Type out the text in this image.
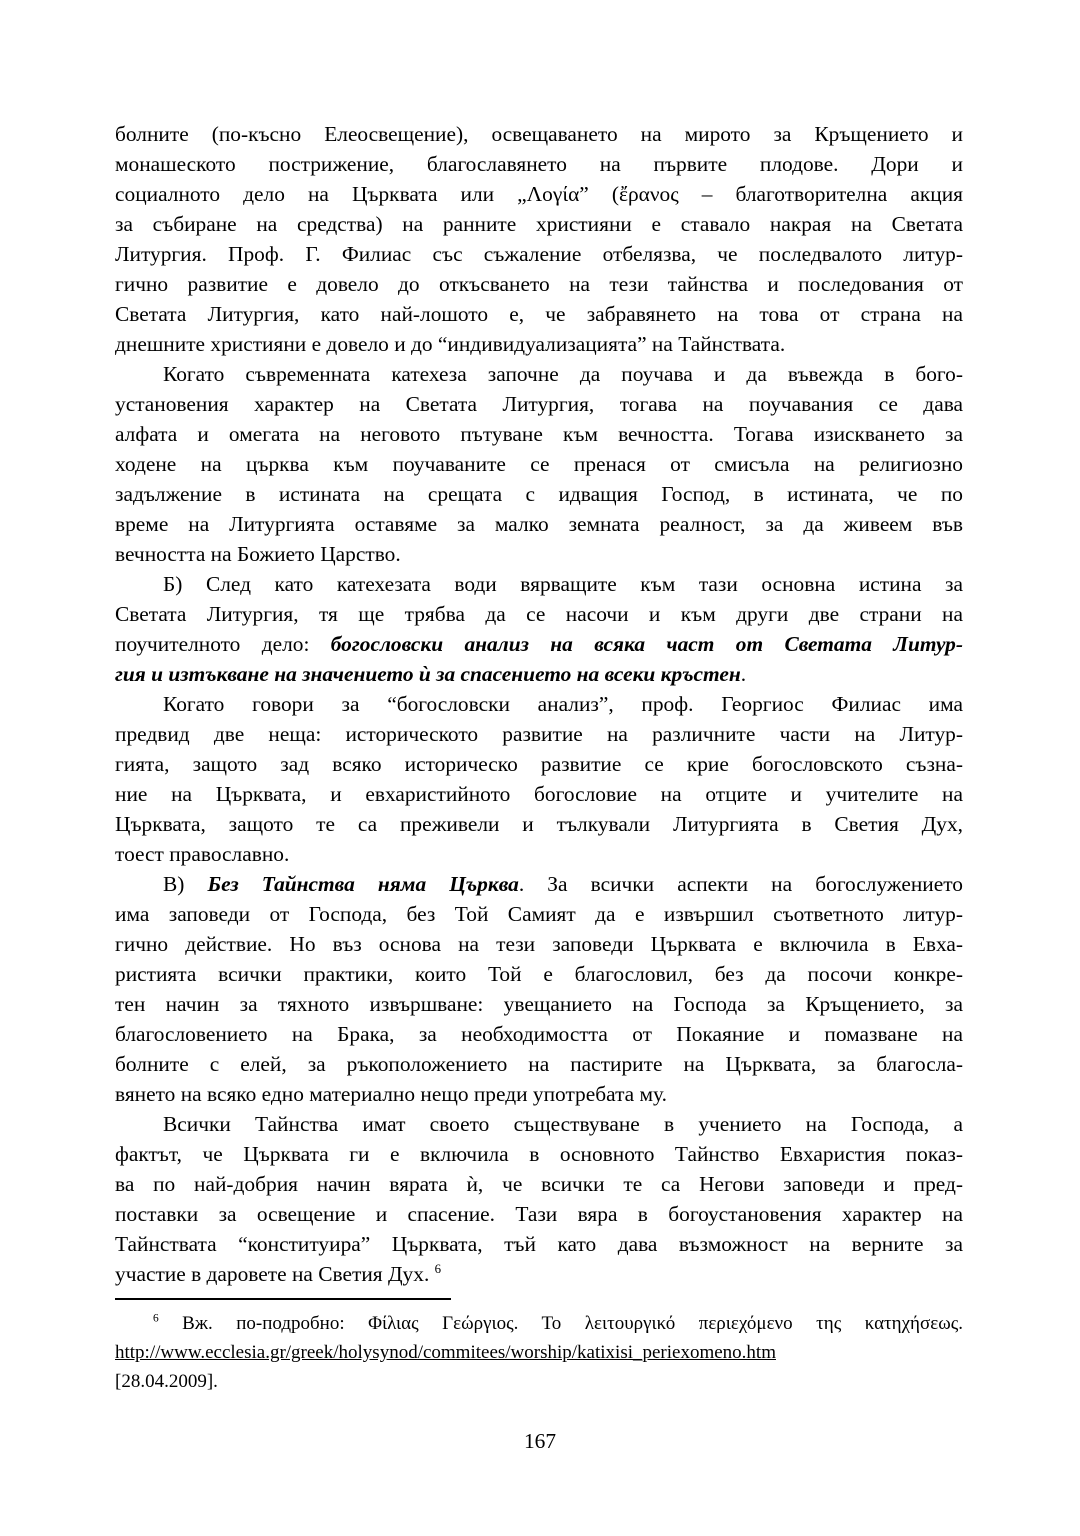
болните (по-късно Елеосвещение), освещаването на мирото за Кръщението и
монашеското пострижение, благославянето на първите плодове. Дори и
социалното дело на Църквата или „Λογία” (ἔρανος – благотворителна акция
за събиране на средства) на ранните християни е ставало накрая на Светата
Литургия. Проф. Г. Филиас със съжаление отбелязва, че последвалото литур-
гично развитие е довело до откъсването на тези тайнства и последования от
Светата Литургия, като най-лошото е, че забравянето на това от страна на
днешните християни е довело и до “индивидуализацията” на Тайнствата.
Когато съвременната катехеза започне да поучава и да въвежда в бого-
установения характер на Светата Литургия, тогава на поучавания се дава
алфата и омегата на неговото пътуване към вечността. Тогава изискването за
ходене на църква към поучаваните се пренася от смисъла на религиозно
задължение в истината на срещата с идващия Господ, в истината, че по
време на Литургията оставяме за малко земната реалност, за да живеем във
вечността на Божието Царство.
Б) След като катехезата води вярващите към тази основна истина за
Светата Литургия, тя ще трябва да се насочи и към други две страни на
поучителното дело: богословски анализ на всяка част от Светата Литур-
гия и изтъкване на значението ѝ за спасението на всеки кръстен.
Когато говори за “богословски анализ”, проф. Георгиос Филиас има
предвид две неща: историческото развитие на различните части на Литур-
гията, защото зад всяко историческо развитие се крие богословското съзна-
ние на Църквата, и евхаристийното богословие на отците и учителите на
Църквата, защото те са преживели и тълкували Литургията в Светия Дух,
тоест православно.
В) Без Тайнства няма Църква. За всички аспекти на богослужението
има заповеди от Господа, без Той Самият да е извършил съответното литур-
гично действие. Но въз основа на тези заповеди Църквата е включила в Евха-
ристията всички практики, които Той е благословил, без да посочи конкре-
тен начин за тяхното извършване: увещанието на Господа за Кръщението, за
благословението на Брака, за необходимостта от Покаяние и помазване на
болните с елей, за ръкоположението на пастирите на Църквата, за благосла-
вянето на всяко едно материално нещо преди употребата му.
Всички Тайнства имат своето съществуване в учението на Господа, а
фактът, че Църквата ги е включила в основното Тайнство Евхаристия показ-
ва по най-добрия начин вярата ѝ, че всички те са Негови заповеди и пред-
поставки за освещение и спасение. Тази вяра в богоустановения характер на
Тайнствата “конституира” Църквата, тъй като дава възможност на верните за
участие в даровете на Светия Дух. $^6$
$^6$ Вж. по-подробно: Φίλιας Γεώργιος. Το λειτουργικό περιεχόμενο της κατηχήσεως.
http://www.ecclesia.gr/greek/holysynod/commitees/worship/katixisi_periexomeno.htm
[28.04.2009].
167
